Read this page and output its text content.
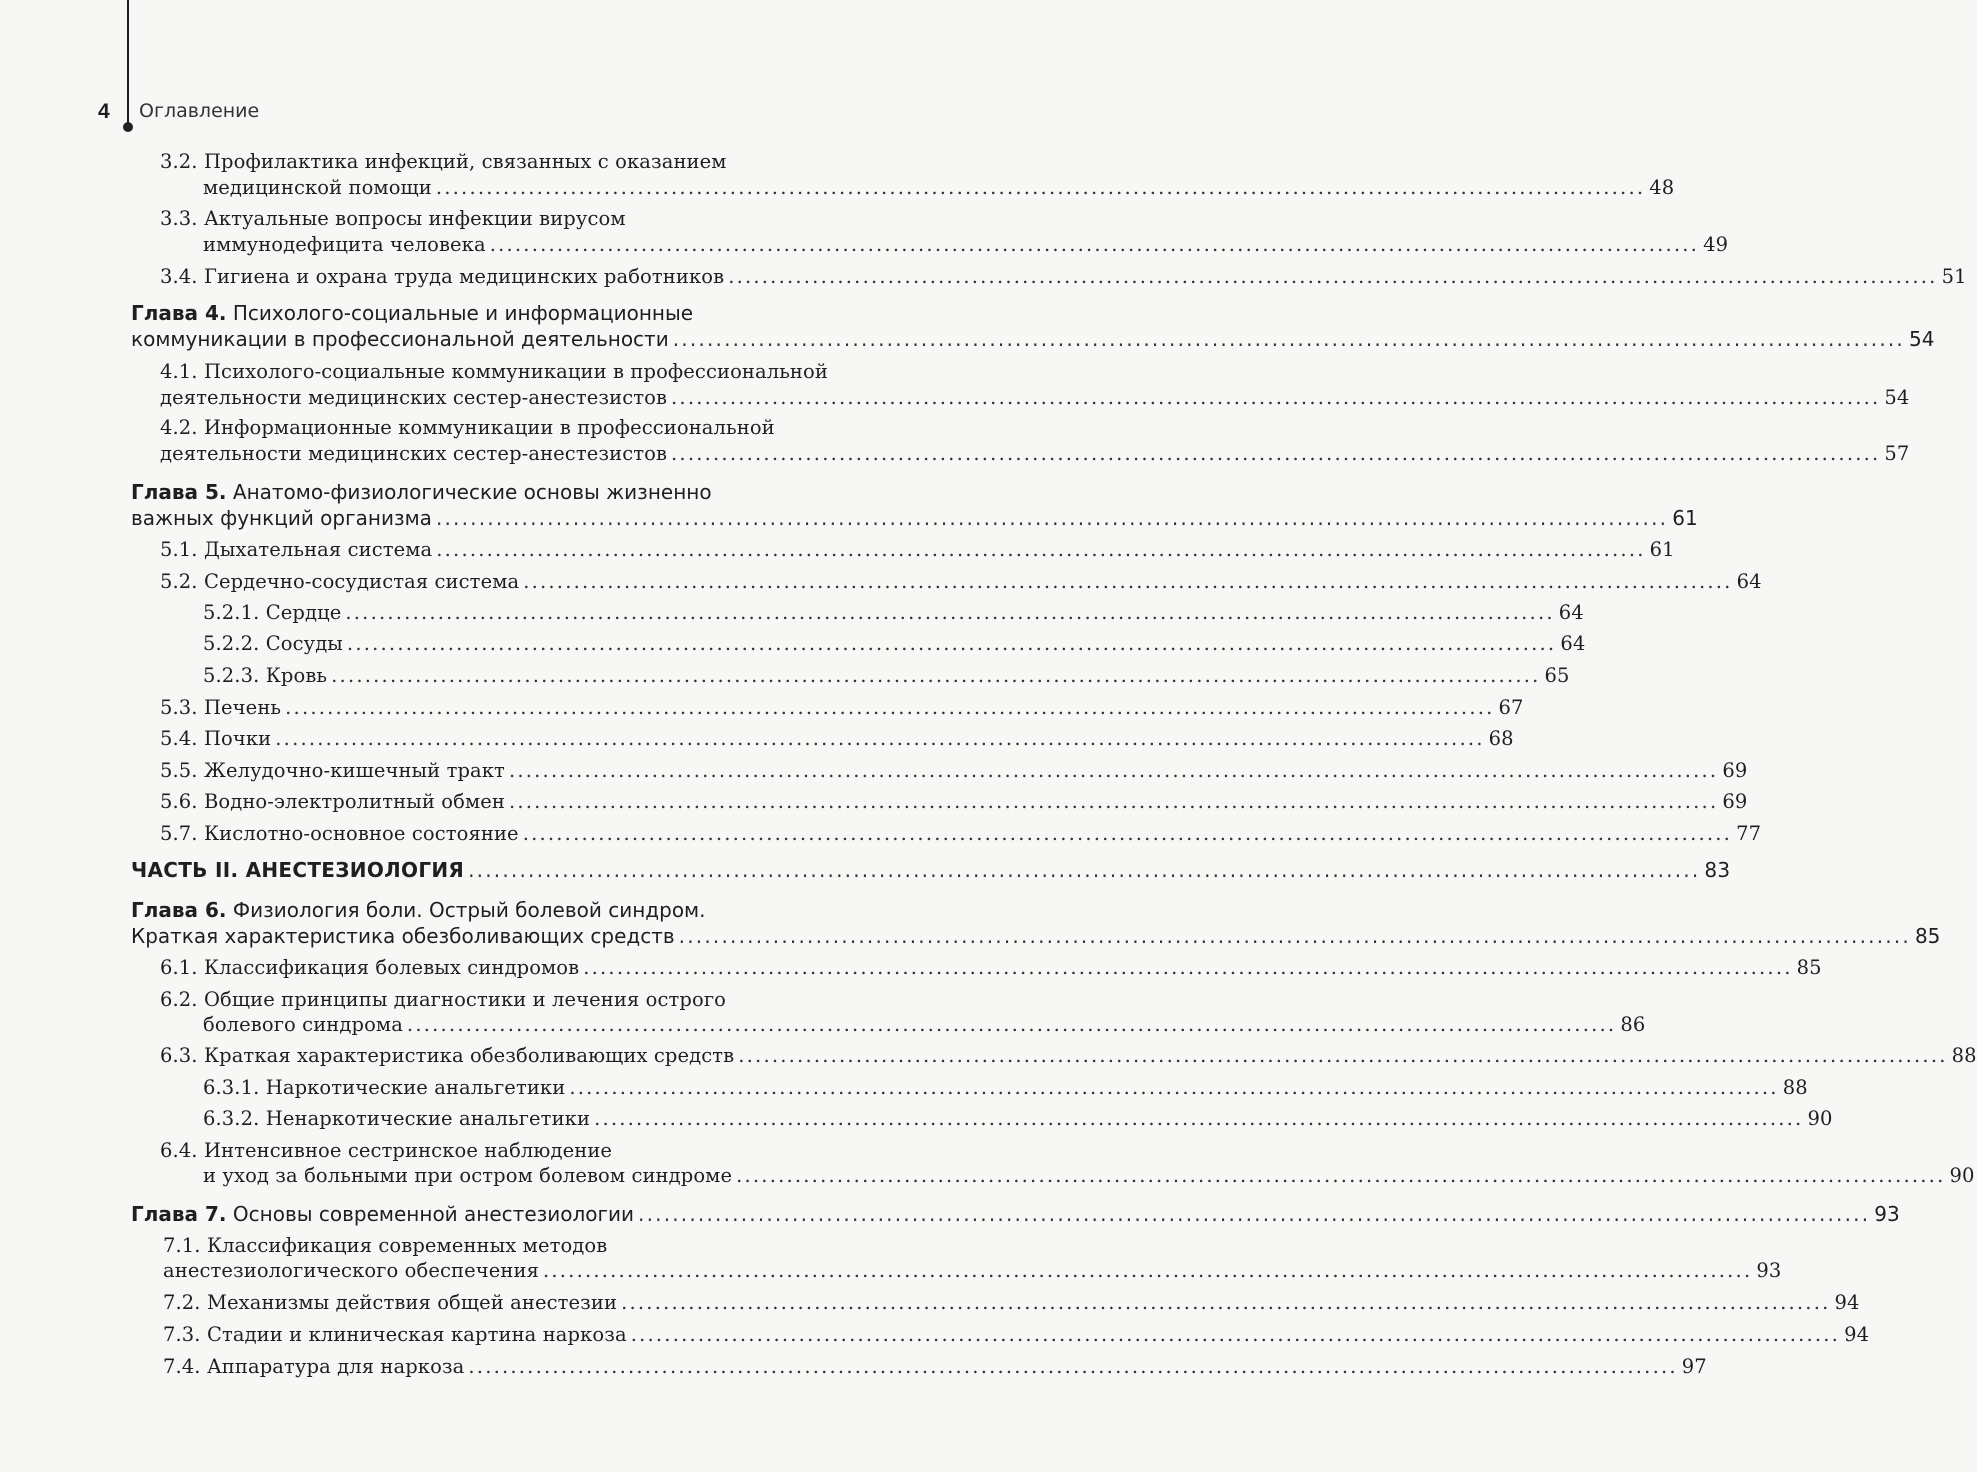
4 Оглавление
3.2.
Профилактика инфекций, связанных с оказанием
медицинской помощи ................................................................................................................................................ 48
3.3.
Актуальные вопросы инфекции вирусом
иммунодефицита человека ................................................................................................................................................ 49
3.4.
Гигиена и охрана труда медицинских работников ................................................................................................................................................ 51
Глава 4.
Психолого-социальные и информационные
коммуникации в профессиональной деятельности ................................................................................................................................................ 54
4.1.
Психолого-социальные коммуникации в профессиональной
деятельности медицинских сестер-анестезистов ................................................................................................................................................ 54
4.2.
Информационные коммуникации в профессиональной
деятельности медицинских сестер-анестезистов ................................................................................................................................................ 57
Глава 5.
Анатомо-физиологические основы жизненно
важных функций организма ................................................................................................................................................ 61
5.1.
Дыхательная система ................................................................................................................................................ 61
5.2.
Сердечно-сосудистая система ................................................................................................................................................ 64
5.2.1.
Сердце ................................................................................................................................................ 64
5.2.2.
Сосуды ................................................................................................................................................ 64
5.2.3.
Кровь ................................................................................................................................................ 65
5.3.
Печень ................................................................................................................................................ 67
5.4.
Почки ................................................................................................................................................ 68
5.5.
Желудочно-кишечный тракт ................................................................................................................................................ 69
5.6.
Водно-электролитный обмен ................................................................................................................................................ 69
5.7.
Кислотно-основное состояние ................................................................................................................................................ 77
ЧАСТЬ II. АНЕСТЕЗИОЛОГИЯ ................................................................................................................................................ 83
Глава 6.
Физиология боли. Острый болевой синдром.
Краткая характеристика обезболивающих средств ................................................................................................................................................ 85
6.1.
Классификация болевых синдромов ................................................................................................................................................ 85
6.2.
Общие принципы диагностики и лечения острого
болевого синдрома ................................................................................................................................................ 86
6.3.
Краткая характеристика обезболивающих средств ................................................................................................................................................ 88
6.3.1.
Наркотические анальгетики ................................................................................................................................................ 88
6.3.2.
Ненаркотические анальгетики ................................................................................................................................................ 90
6.4.
Интенсивное сестринское наблюдение
и уход за больными при остром болевом синдроме ................................................................................................................................................ 90
Глава 7.
Основы современной анестезиологии ................................................................................................................................................ 93
7.1.
Классификация современных методов
анестезиологического обеспечения ................................................................................................................................................ 93
7.2.
Механизмы действия общей анестезии ................................................................................................................................................ 94
7.3.
Стадии и клиническая картина наркоза ................................................................................................................................................ 94
7.4.
Аппаратура для наркоза ................................................................................................................................................ 97
